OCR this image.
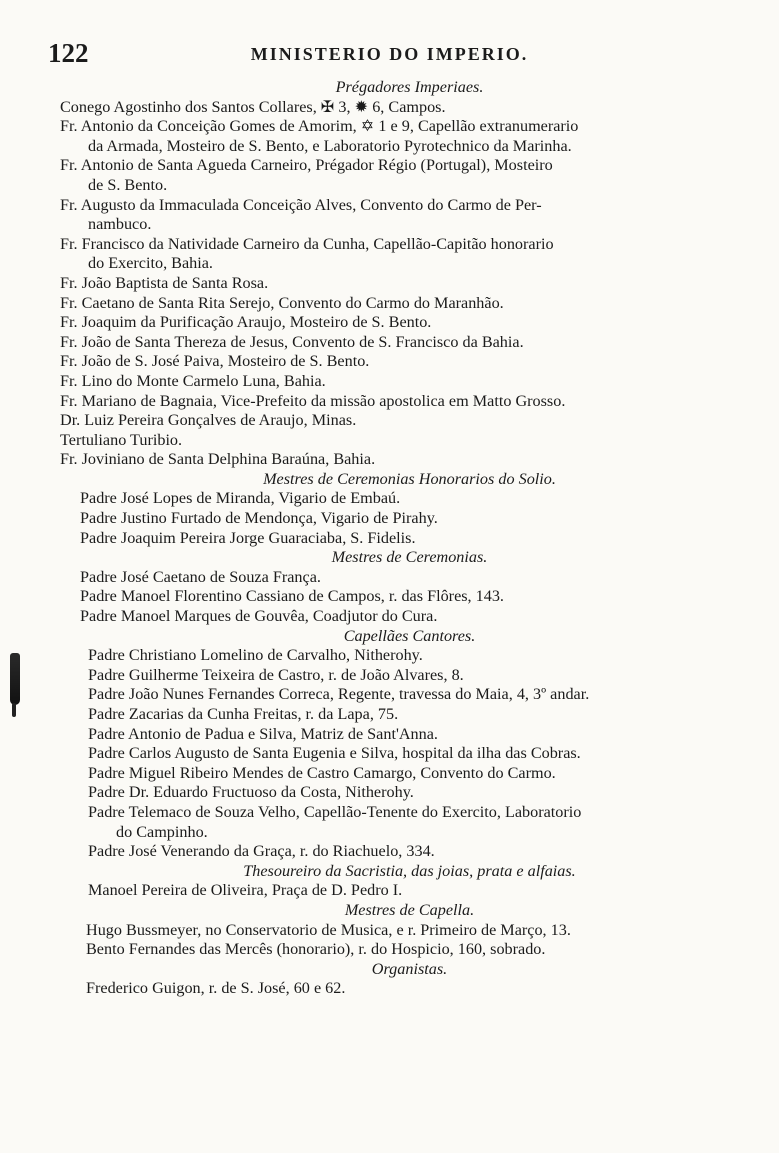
122	MINISTERIO DO IMPERIO.

Prégadores Imperiaes.

Conego Agostinho dos Santos Collares, ✠ 3, ✹ 6, Campos.

Fr. Antonio da Conceição Gomes de Amorim, ✡ 1 e 9, Capellão extranumerario
da Armada, Mosteiro de S. Bento, e Laboratorio Pyrotechnico da Marinha.

Fr. Antonio de Santa Agueda Carneiro, Prégador Régio (Portugal), Mosteiro
de S. Bento.

Fr. Augusto da Immaculada Conceição Alves, Convento do Carmo de Per-
nambuco.

Fr. Francisco da Natividade Carneiro da Cunha, Capellão-Capitão honorario
do Exercito, Bahia.

Fr. João Baptista de Santa Rosa.

Fr. Caetano de Santa Rita Serejo, Convento do Carmo do Maranhão.

Fr. Joaquim da Purificação Araujo, Mosteiro de S. Bento.

Fr. João de Santa Thereza de Jesus, Convento de S. Francisco da Bahia.

Fr. João de S. José Paiva, Mosteiro de S. Bento.

Fr. Lino do Monte Carmelo Luna, Bahia.

Fr. Mariano de Bagnaia, Vice-Prefeito da missão apostolica em Matto Grosso.

Dr. Luiz Pereira Gonçalves de Araujo, Minas.

Tertuliano Turibio.

Fr. Joviniano de Santa Delphina Baraúna, Bahia.

Mestres de Ceremonias Honorarios do Solio.

Padre José Lopes de Miranda, Vigario de Embaú.

Padre Justino Furtado de Mendonça, Vigario de Pirahy.

Padre Joaquim Pereira Jorge Guaraciaba, S. Fidelis.

Mestres de Ceremonias.

Padre José Caetano de Souza França.

Padre Manoel Florentino Cassiano de Campos, r. das Flôres, 143.

Padre Manoel Marques de Gouvêa, Coadjutor do Cura.

Capellães Cantores.

Padre Christiano Lomelino de Carvalho, Nitherohy.

Padre Guilherme Teixeira de Castro, r. de João Alvares, 8.

Padre João Nunes Fernandes Correca, Regente, travessa do Maia, 4, 3º andar.

Padre Zacarias da Cunha Freitas, r. da Lapa, 75.

Padre Antonio de Padua e Silva, Matriz de Sant'Anna.

Padre Carlos Augusto de Santa Eugenia e Silva, hospital da ilha das Cobras.

Padre Miguel Ribeiro Mendes de Castro Camargo, Convento do Carmo.

Padre Dr. Eduardo Fructuoso da Costa, Nitherohy.

Padre Telemaco de Souza Velho, Capellão-Tenente do Exercito, Laboratorio
do Campinho.

Padre José Venerando da Graça, r. do Riachuelo, 334.

Thesoureiro da Sacristia, das joias, prata e alfaias.

Manoel Pereira de Oliveira, Praça de D. Pedro I.

Mestres de Capella.

Hugo Bussmeyer, no Conservatorio de Musica, e r. Primeiro de Março, 13.

Bento Fernandes das Mercês (honorario), r. do Hospicio, 160, sobrado.

Organistas.

Frederico Guigon, r. de S. José, 60 e 62.
